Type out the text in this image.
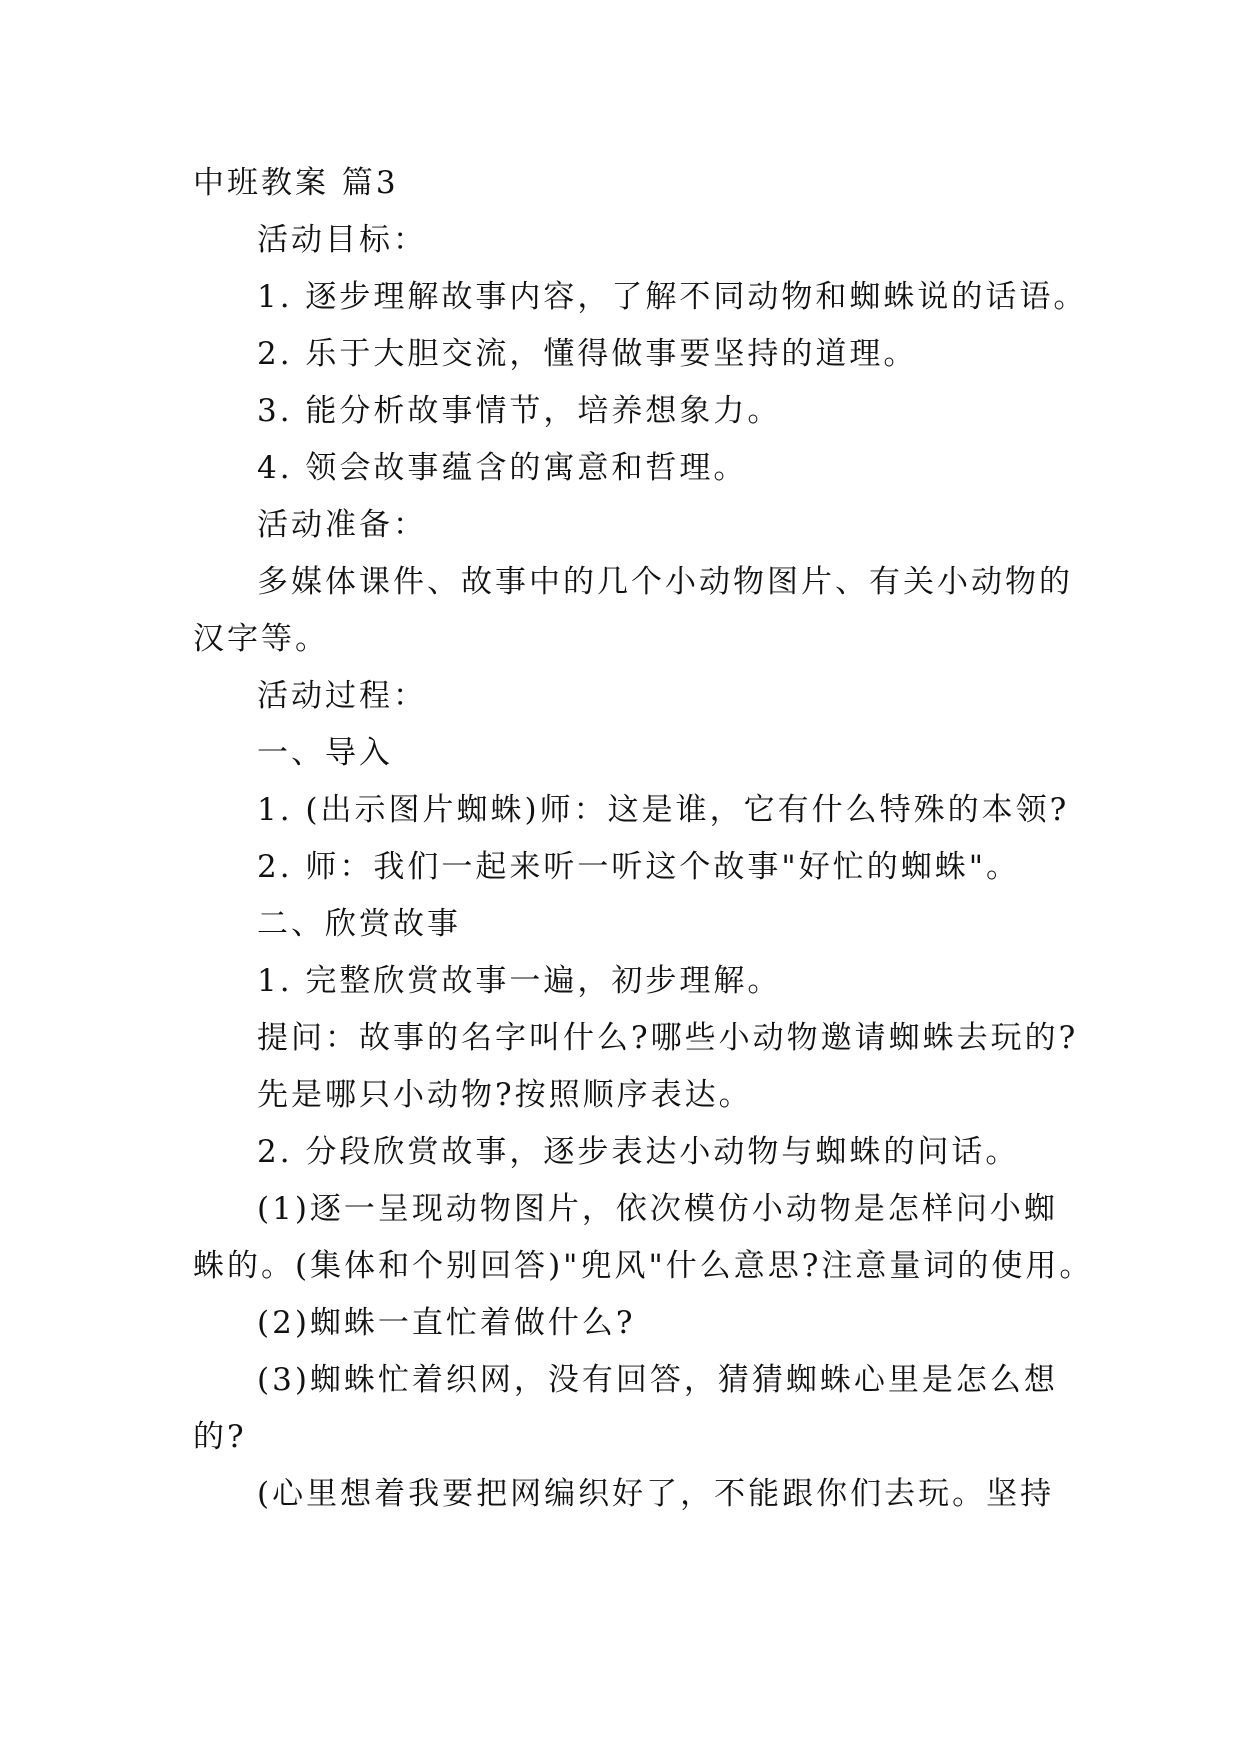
中班教案 篇3
活动目标：
1. 逐步理解故事内容，了解不同动物和蜘蛛说的话语。
2. 乐于大胆交流，懂得做事要坚持的道理。
3. 能分析故事情节，培养想象力。
4. 领会故事蕴含的寓意和哲理。
活动准备：
多媒体课件、故事中的几个小动物图片、有关小动物的
汉字等。
活动过程：
一、导入
1. (出示图片蜘蛛)师：这是谁，它有什么特殊的本领?
2. 师：我们一起来听一听这个故事"好忙的蜘蛛"。
二、欣赏故事
1. 完整欣赏故事一遍，初步理解。
提问：故事的名字叫什么?哪些小动物邀请蜘蛛去玩的?
先是哪只小动物?按照顺序表达。
2. 分段欣赏故事，逐步表达小动物与蜘蛛的问话。
(1)逐一呈现动物图片，依次模仿小动物是怎样问小蜘
蛛的。(集体和个别回答)"兜风"什么意思?注意量词的使用。
(2)蜘蛛一直忙着做什么?
(3)蜘蛛忙着织网，没有回答，猜猜蜘蛛心里是怎么想
的?
(心里想着我要把网编织好了，不能跟你们去玩。坚持
